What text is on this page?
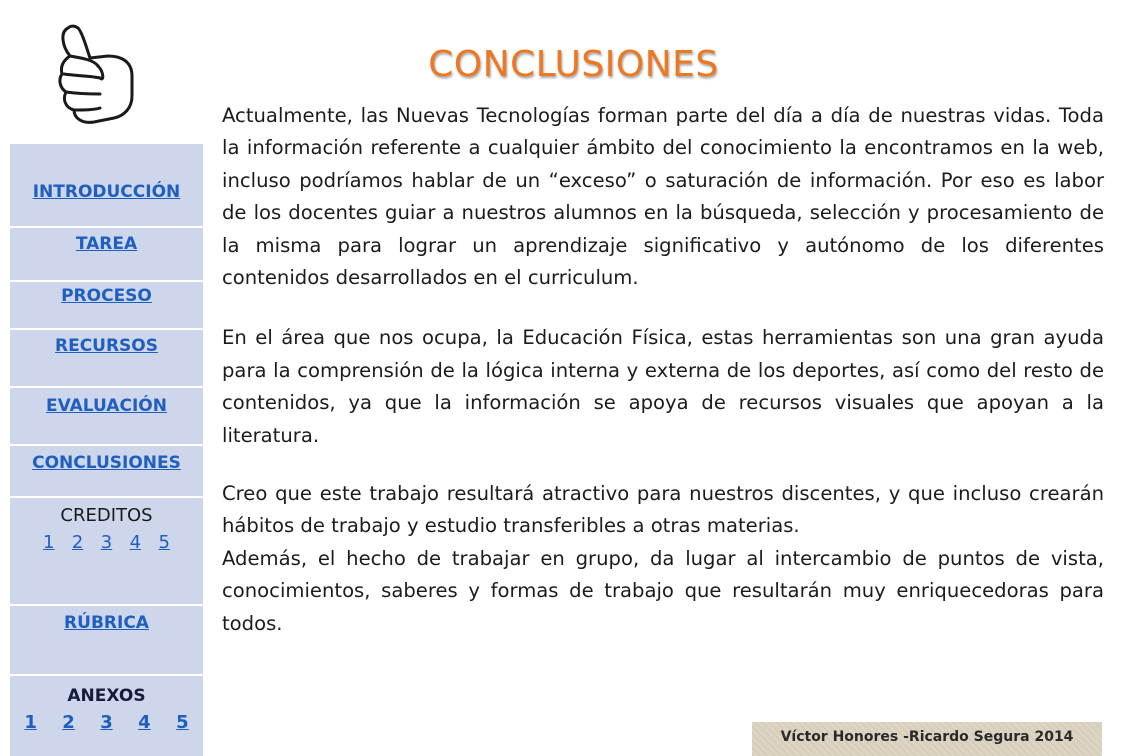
CONCLUSIONES
INTRODUCCIÓN
TAREA
PROCESO
RECURSOS
EVALUACIÓN
CONCLUSIONES
CREDITOS
1 2 3 4 5
RÚBRICA
ANEXOS
1 2 3 4 5

Actualmente, las Nuevas Tecnologías forman parte del día a día de nuestras vidas. Toda la información referente a cualquier ámbito del conocimiento la encontramos en la web, incluso podríamos hablar de un “exceso” o saturación de información. Por eso es labor de los docentes guiar a nuestros alumnos en la búsqueda, selección y procesamiento de la misma para lograr un aprendizaje significativo y autónomo de los diferentes contenidos desarrollados en el curriculum.

En el área que nos ocupa, la Educación Física, estas herramientas son una gran ayuda para la comprensión de la lógica interna y externa de los deportes, así como del resto de contenidos, ya que la información se apoya de recursos visuales que apoyan a la literatura.

Creo que este trabajo resultará atractivo para nuestros discentes, y que incluso crearán hábitos de trabajo y estudio transferibles a otras materias.

Además, el hecho de trabajar en grupo, da lugar al intercambio de puntos de vista, conocimientos, saberes y formas de trabajo que resultarán muy enriquecedoras para todos.

Víctor Honores -Ricardo Segura 2014
